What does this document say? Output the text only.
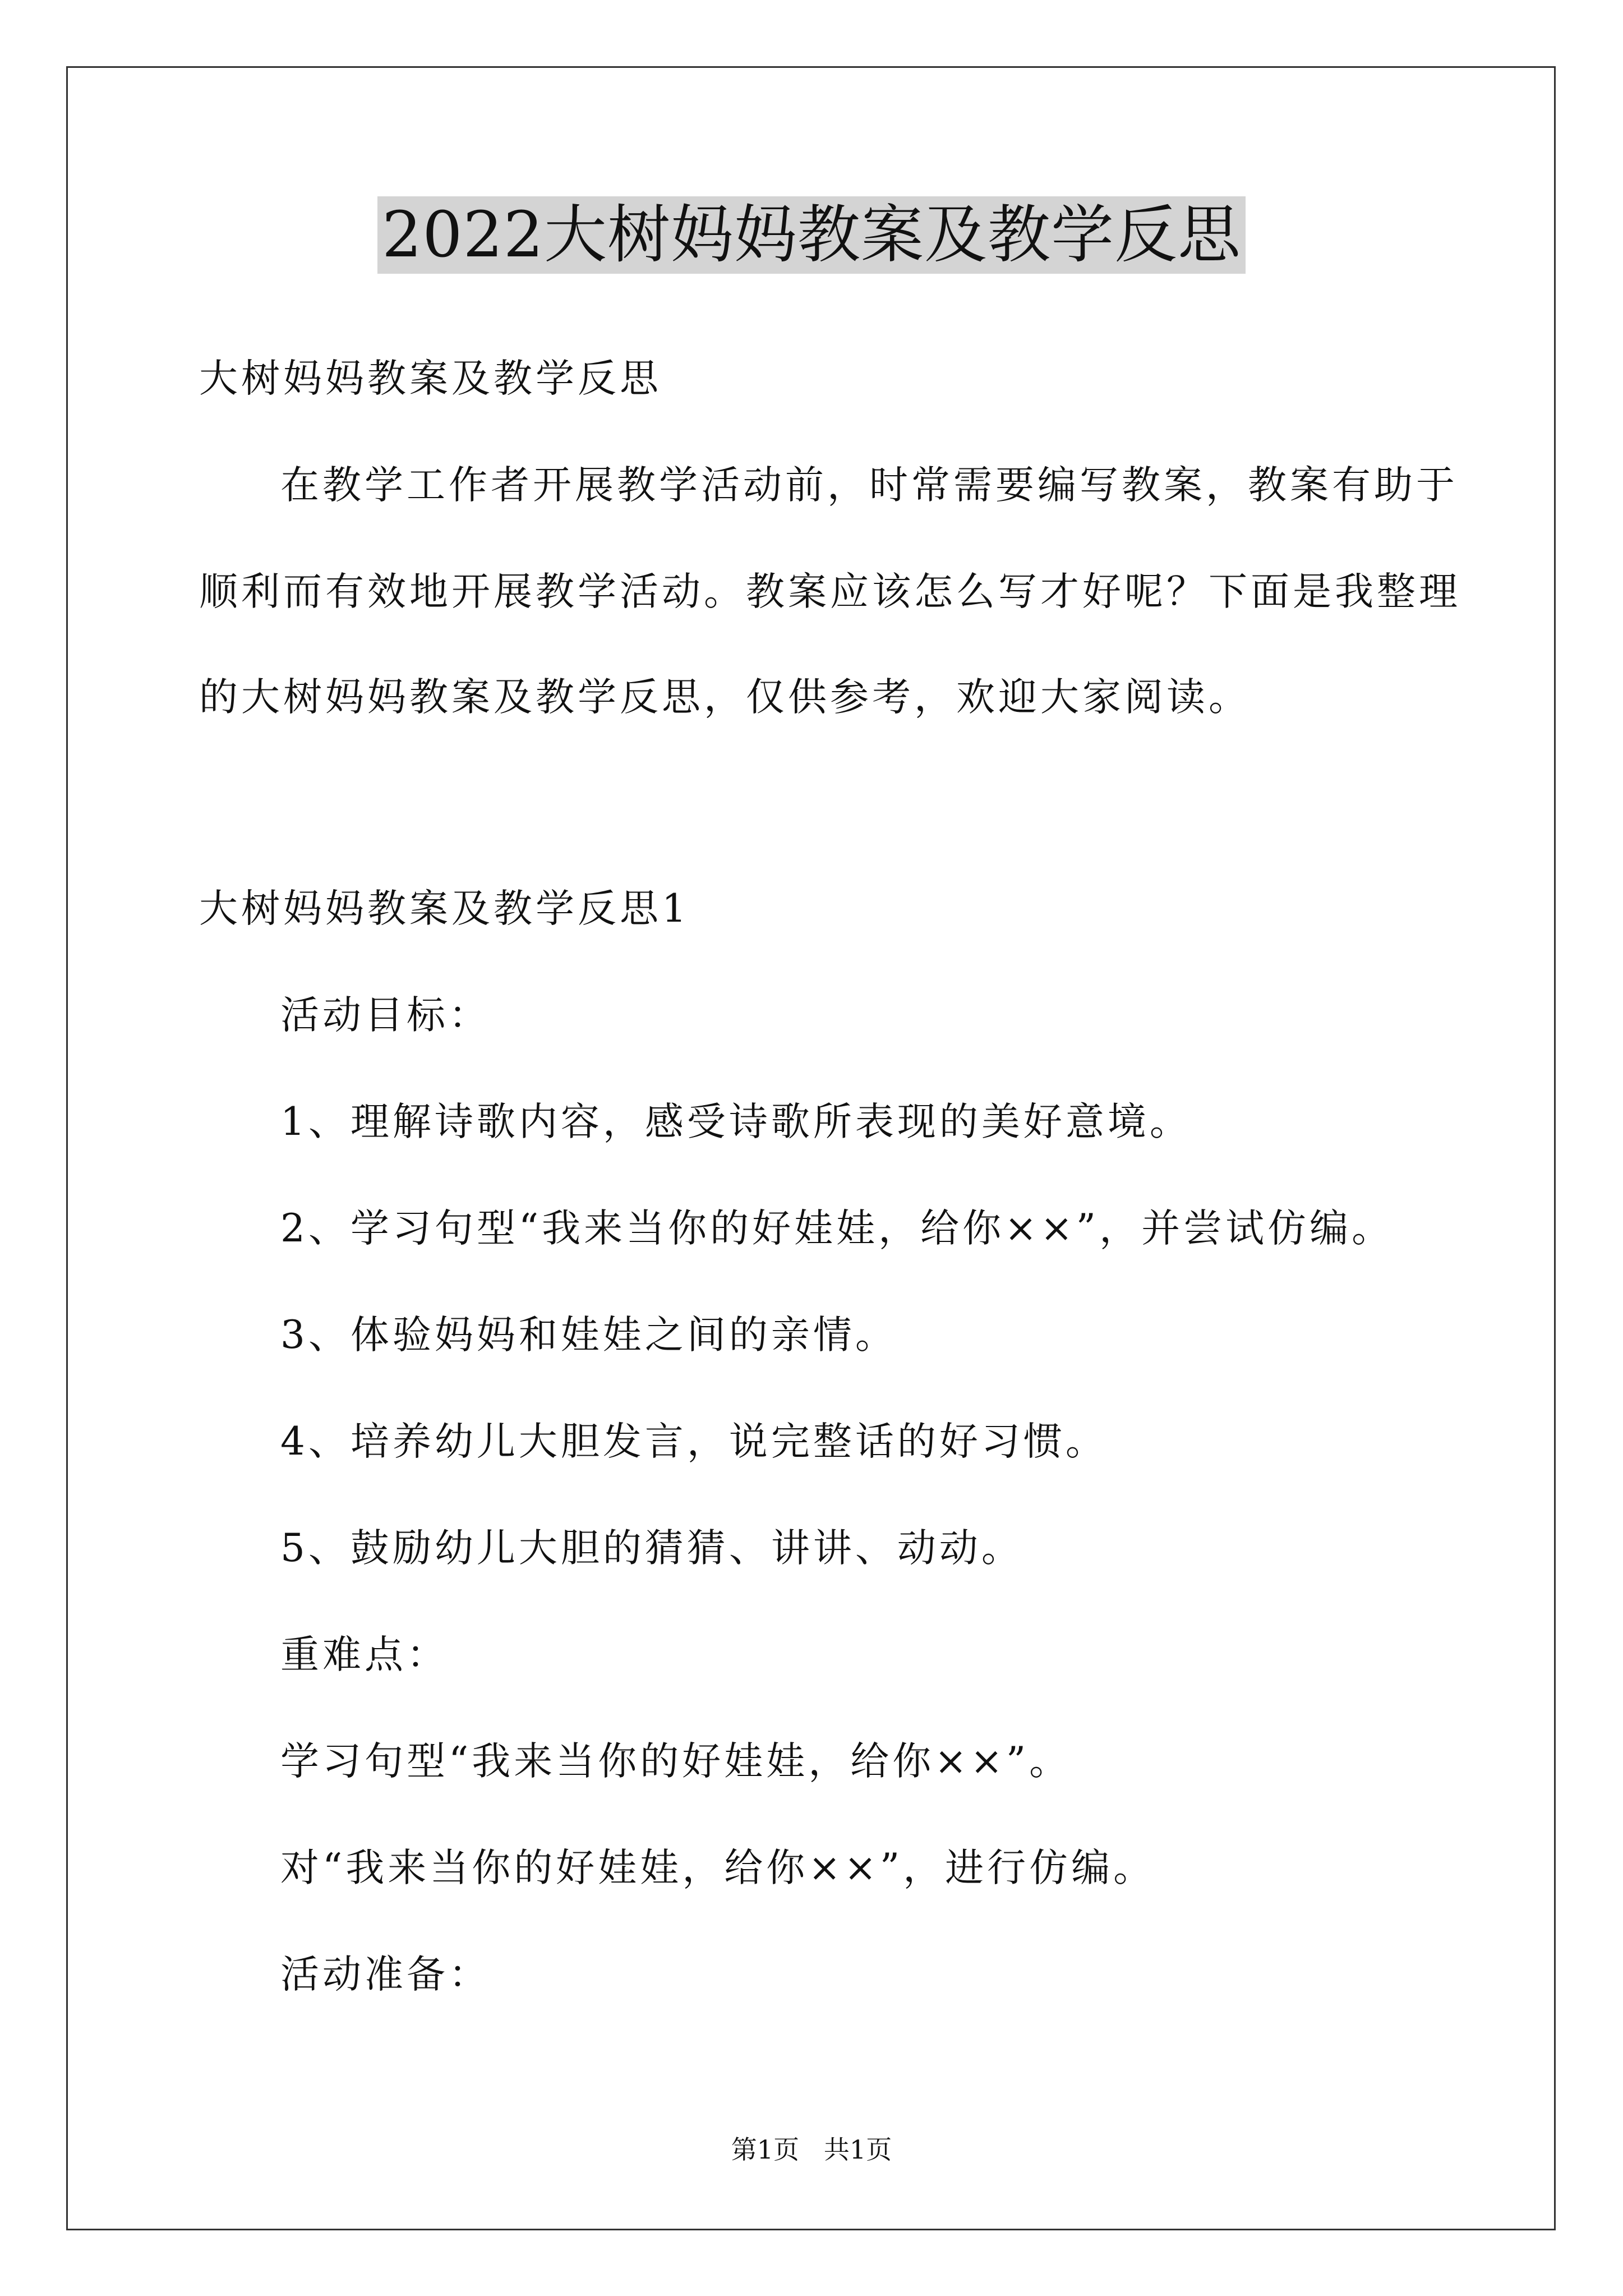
2022大树妈妈教案及教学反思
大树妈妈教案及教学反思
在教学工作者开展教学活动前，时常需要编写教案，教案有助于
顺利而有效地开展教学活动。教案应该怎么写才好呢？下面是我整理
的大树妈妈教案及教学反思，仅供参考，欢迎大家阅读。
大树妈妈教案及教学反思1
活动目标：
1、理解诗歌内容，感受诗歌所表现的美好意境。
2、学习句型“我来当你的好娃娃，给你××”，并尝试仿编。
3、体验妈妈和娃娃之间的亲情。
4、培养幼儿大胆发言，说完整话的好习惯。
5、鼓励幼儿大胆的猜猜、讲讲、动动。
重难点：
学习句型“我来当你的好娃娃，给你××”。
对“我来当你的好娃娃，给你××”，进行仿编。
活动准备：
第1页   共1页
